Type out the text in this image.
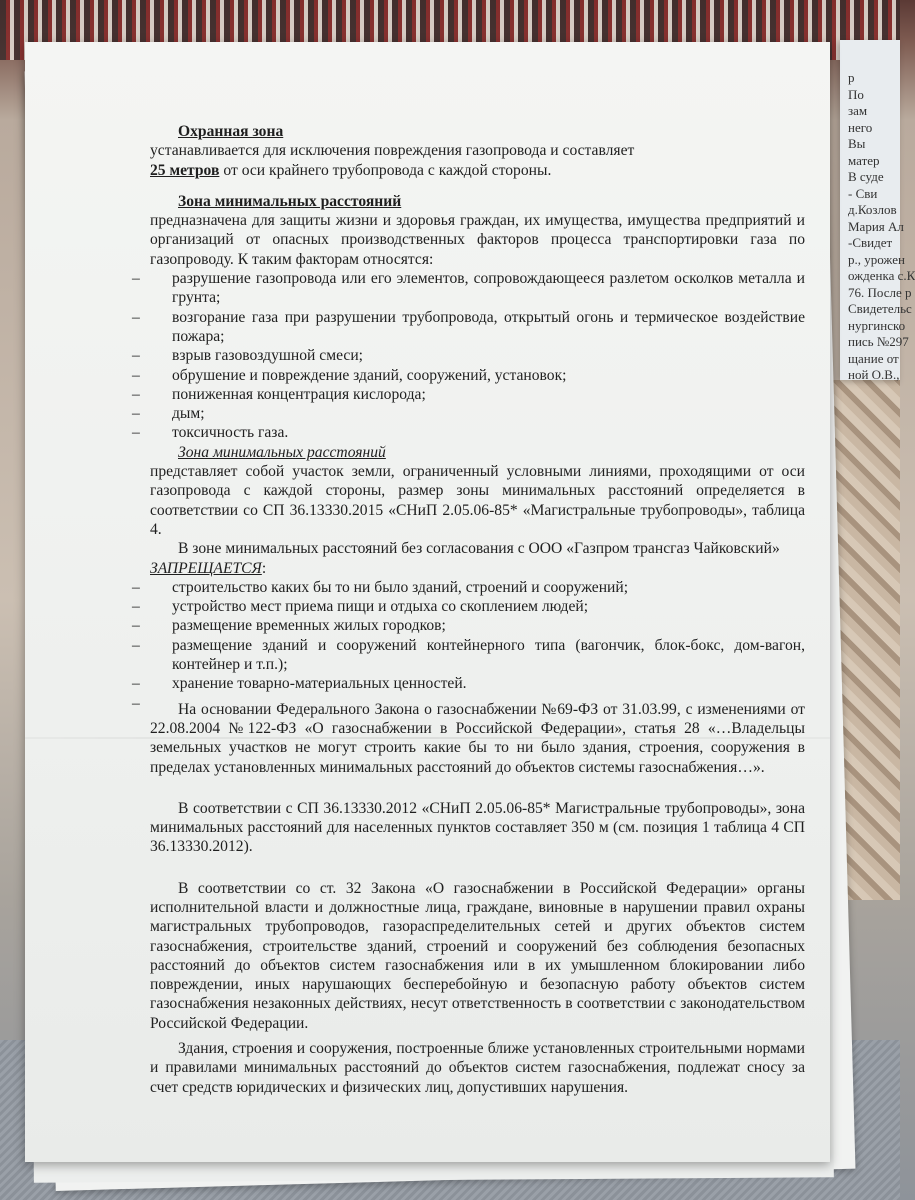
р
По
зам
него
Вы
матер
В суде
- Сви
д.Козлов
Мария Ал
-Свидет
р., урожен
ожденка с.К
76. После р
Свидетельс
нургинско
пись №297
щание от
ной О.В.,

Охранная зона
устанавливается для исключения повреждения газопровода и составляет
25 метровот оси крайнего трубопровода с каждой стороны.

Зона минимальных расстояний
предназначена для защиты жизни и здоровья граждан, их имущества, имущества предприятий и организаций от опасных производственных факторов процесса транспортировки газа по газопроводу. К таким факторам относятся:

– разрушение газопровода или его элементов, сопровождающееся разлетом осколков металла и грунта;
– возгорание газа при разрушении трубопровода, открытый огонь и термическое воздействие пожара;
– взрыв газовоздушной смеси;
– обрушение и повреждение зданий, сооружений, установок;
– пониженная концентрация кислорода;
– дым;
– токсичность газа.

Зона минимальных расстояний
представляет собой участок земли, ограниченный условными линиями, проходящими от оси газопровода с каждой стороны, размер зоны минимальных расстояний определяется в соответствии со СП 36.13330.2015 «СНиП 2.05.06-85* «Магистральные трубопроводы», таблица 4.

В зоне минимальных расстояний без согласования с ООО «Газпром трансгаз Чайковский»
ЗАПРЕЩАЕТСЯ:

– строительство каких бы то ни было зданий, строений и сооружений;
– устройство мест приема пищи и отдыха со скоплением людей;
– размещение временных жилых городков;
– размещение зданий и сооружений контейнерного типа (вагончик, блок-бокс, дом-вагон, контейнер и т.п.);
– хранение товарно-материальных ценностей.
–	На основании Федерального Закона о газоснабжении №69-ФЗ от 31.03.99, с изменениями от 22.08.2004 №122-ФЗ «О газоснабжении в Российской Федерации», статья 28 «…Владельцы земельных участков не могут строить какие бы то ни было здания, строения, сооружения в пределах установленных минимальных расстояний до объектов системы газоснабжения…».

В соответствии с СП 36.13330.2012 «СНиП 2.05.06-85* Магистральные трубопроводы», зона минимальных расстояний для населенных пунктов составляет 350 м (см. позиция 1 таблица 4 СП 36.13330.2012).

В соответствии со ст. 32 Закона «О газоснабжении в Российской Федерации» органы исполнительной власти и должностные лица, граждане, виновные в нарушении правил охраны магистральных трубопроводов, газораспределительных сетей и других объектов систем газоснабжения, строительстве зданий, строений и сооружений без соблюдения безопасных расстояний до объектов систем газоснабжения или в их умышленном блокировании либо повреждении, иных нарушающих бесперебойную и безопасную работу объектов систем газоснабжения незаконных действиях, несут ответственность в соответствии с законодательством Российской Федерации.

Здания, строения и сооружения, построенные ближе установленных строительными нормами и правилами минимальных расстояний до объектов систем газоснабжения, подлежат сносу за счет средств юридических и физических лиц, допустивших нарушения.
